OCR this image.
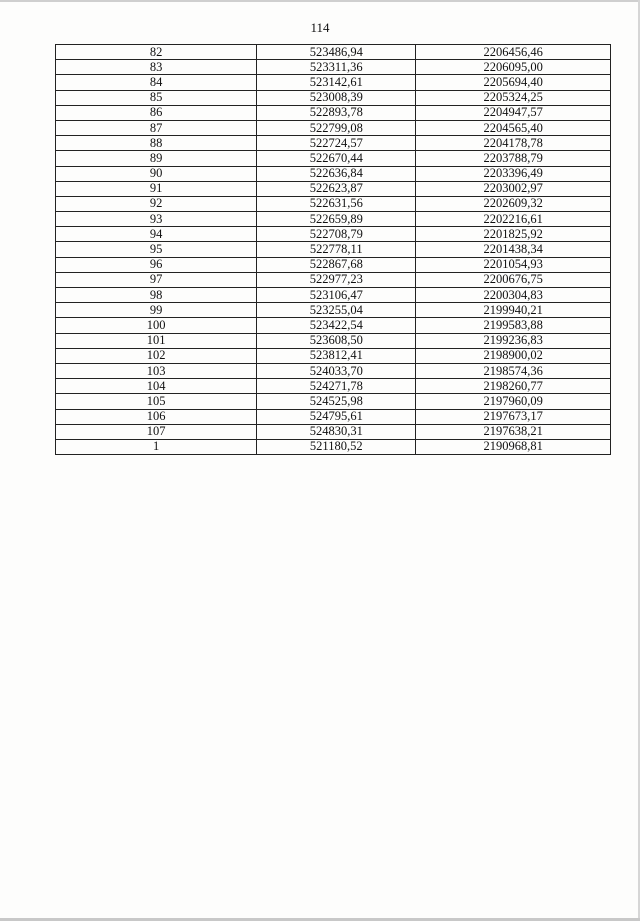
114
82	523486,94	2206456,46
83	523311,36	2206095,00
84	523142,61	2205694,40
85	523008,39	2205324,25
86	522893,78	2204947,57
87	522799,08	2204565,40
88	522724,57	2204178,78
89	522670,44	2203788,79
90	522636,84	2203396,49
91	522623,87	2203002,97
92	522631,56	2202609,32
93	522659,89	2202216,61
94	522708,79	2201825,92
95	522778,11	2201438,34
96	522867,68	2201054,93
97	522977,23	2200676,75
98	523106,47	2200304,83
99	523255,04	2199940,21
100	523422,54	2199583,88
101	523608,50	2199236,83
102	523812,41	2198900,02
103	524033,70	2198574,36
104	524271,78	2198260,77
105	524525,98	2197960,09
106	524795,61	2197673,17
107	524830,31	2197638,21
1	521180,52	2190968,81
